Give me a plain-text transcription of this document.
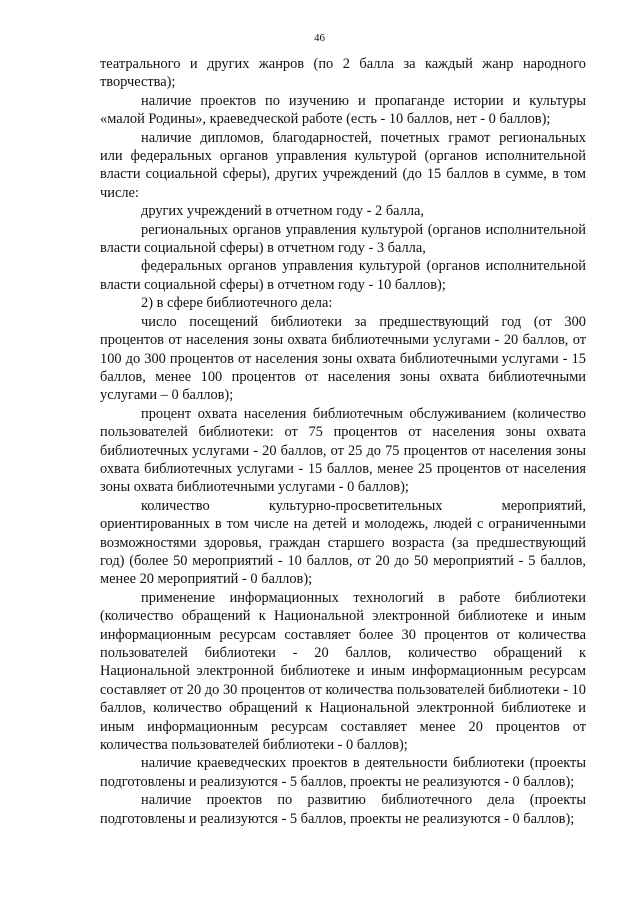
46

театрального и других жанров (по 2 балла за каждый жанр народного творчества);

наличие проектов по изучению и пропаганде истории и культуры «малой Родины», краеведческой работе (есть - 10 баллов, нет - 0 баллов);

наличие дипломов, благодарностей, почетных грамот региональных или федеральных органов управления культурой (органов исполнительной власти социальной сферы), других учреждений (до 15 баллов в сумме, в том числе:

других учреждений в отчетном году - 2 балла,

региональных органов управления культурой (органов исполнительной власти социальной сферы) в отчетном году - 3 балла,

федеральных органов управления культурой (органов исполнительной власти социальной сферы) в отчетном году - 10 баллов);

2) в сфере библиотечного дела:

число посещений библиотеки за предшествующий год (от 300 процентов от населения зоны охвата библиотечными услугами - 20 баллов, от 100 до 300 процентов от населения зоны охвата библиотечными услугами - 15 баллов, менее 100 процентов от населения зоны охвата библиотечными услугами – 0 баллов);

процент охвата населения библиотечным обслуживанием (количество пользователей библиотеки: от 75 процентов от населения зоны охвата библиотечных услугами - 20 баллов, от 25 до 75 процентов от населения зоны охвата библиотечных услугами - 15 баллов, менее 25 процентов от населения зоны охвата библиотечными услугами - 0 баллов);

количество культурно-просветительных мероприятий, ориентированных в том числе на детей и молодежь, людей с ограниченными возможностями здоровья, граждан старшего возраста (за предшествующий год) (более 50 мероприятий - 10 баллов, от 20 до 50 мероприятий - 5 баллов, менее 20 мероприятий - 0 баллов);

применение информационных технологий в работе библиотеки (количество обращений к Национальной электронной библиотеке и иным информационным ресурсам составляет более 30 процентов от количества пользователей библиотеки - 20 баллов, количество обращений к Национальной электронной библиотеке и иным информационным ресурсам составляет от 20 до 30 процентов от количества пользователей библиотеки - 10 баллов, количество обращений к Национальной электронной библиотеке и иным информационным ресурсам составляет менее 20 процентов от количества пользователей библиотеки - 0 баллов);

наличие краеведческих проектов в деятельности библиотеки (проекты подготовлены и реализуются - 5 баллов, проекты не реализуются - 0 баллов);

наличие проектов по развитию библиотечного дела (проекты подготовлены и реализуются - 5 баллов, проекты не реализуются - 0 баллов);
